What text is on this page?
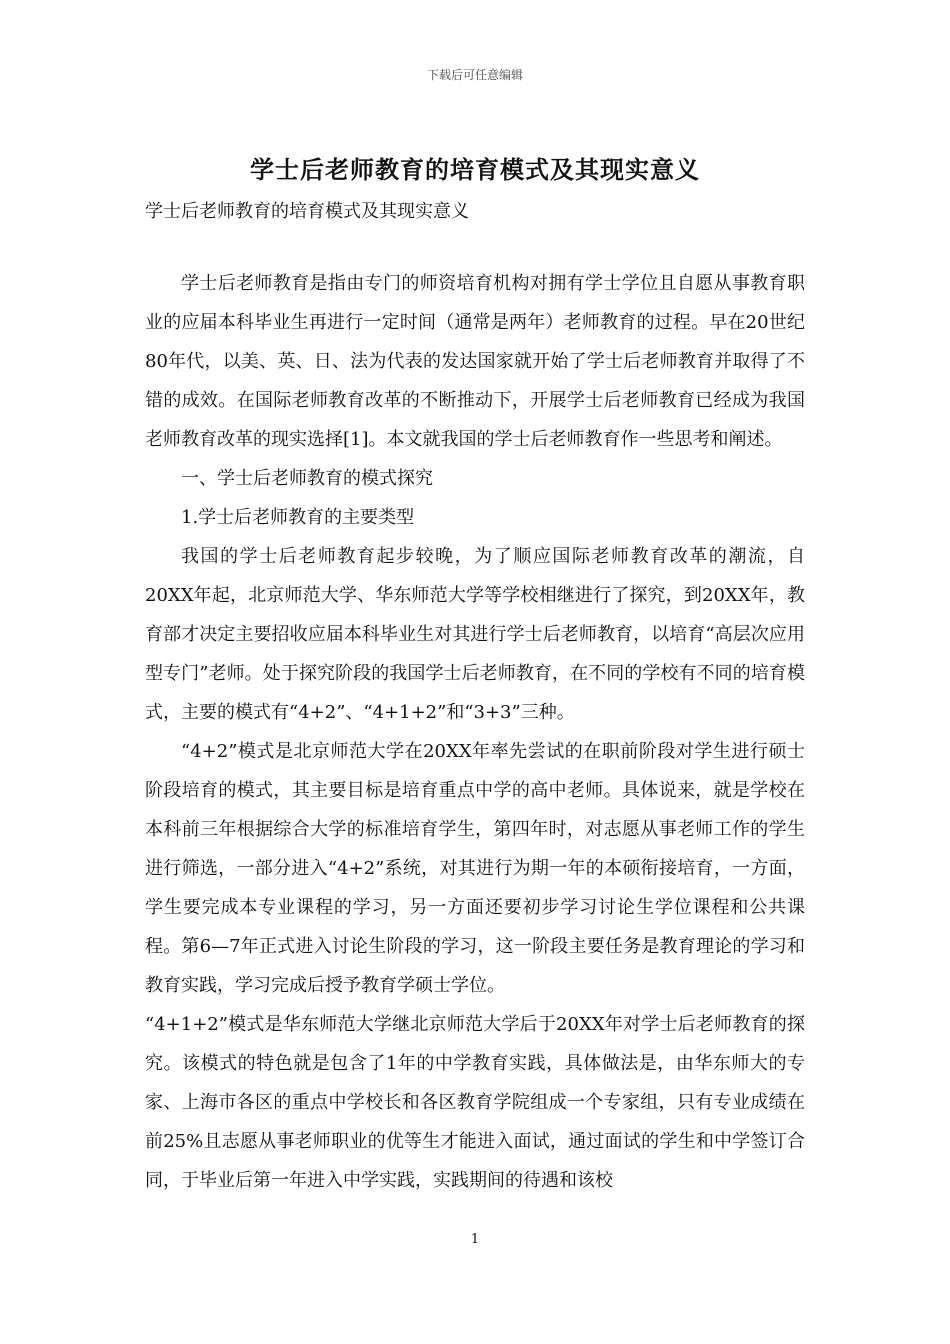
下载后可任意编辑
学士后老师教育的培育模式及其现实意义

学士后老师教育的培育模式及其现实意义

学士后老师教育是指由专门的师资培育机构对拥有学士学位且自愿从事教育职业的应届本科毕业生再进行一定时间（通常是两年）老师教育的过程。早在20世纪80年代，以美、英、日、法为代表的发达国家就开始了学士后老师教育并取得了不错的成效。在国际老师教育改革的不断推动下，开展学士后老师教育已经成为我国老师教育改革的现实选择[1]。本文就我国的学士后老师教育作一些思考和阐述。

一、学士后老师教育的模式探究

1.学士后老师教育的主要类型

我国的学士后老师教育起步较晚，为了顺应国际老师教育改革的潮流，自20XX年起，北京师范大学、华东师范大学等学校相继进行了探究，到20XX年，教育部才决定主要招收应届本科毕业生对其进行学士后老师教育，以培育“高层次应用型专门”老师。处于探究阶段的我国学士后老师教育，在不同的学校有不同的培育模式，主要的模式有“4+2”、“4+1+2”和“3+3”三种。

“4+2”模式是北京师范大学在20XX年率先尝试的在职前阶段对学生进行硕士阶段培育的模式，其主要目标是培育重点中学的高中老师。具体说来，就是学校在本科前三年根据综合大学的标准培育学生，第四年时，对志愿从事老师工作的学生进行筛选，一部分进入“4+2”系统，对其进行为期一年的本硕衔接培育，一方面，学生要完成本专业课程的学习，另一方面还要初步学习讨论生学位课程和公共课程。第6—7年正式进入讨论生阶段的学习，这一阶段主要任务是教育理论的学习和教育实践，学习完成后授予教育学硕士学位。

“4+1+2”模式是华东师范大学继北京师范大学后于20XX年对学士后老师教育的探究。该模式的特色就是包含了1年的中学教育实践，具体做法是，由华东师大的专家、上海市各区的重点中学校长和各区教育学院组成一个专家组，只有专业成绩在前25%且志愿从事老师职业的优等生才能进入面试，通过面试的学生和中学签订合同，于毕业后第一年进入中学实践，实践期间的待遇和该校

1
